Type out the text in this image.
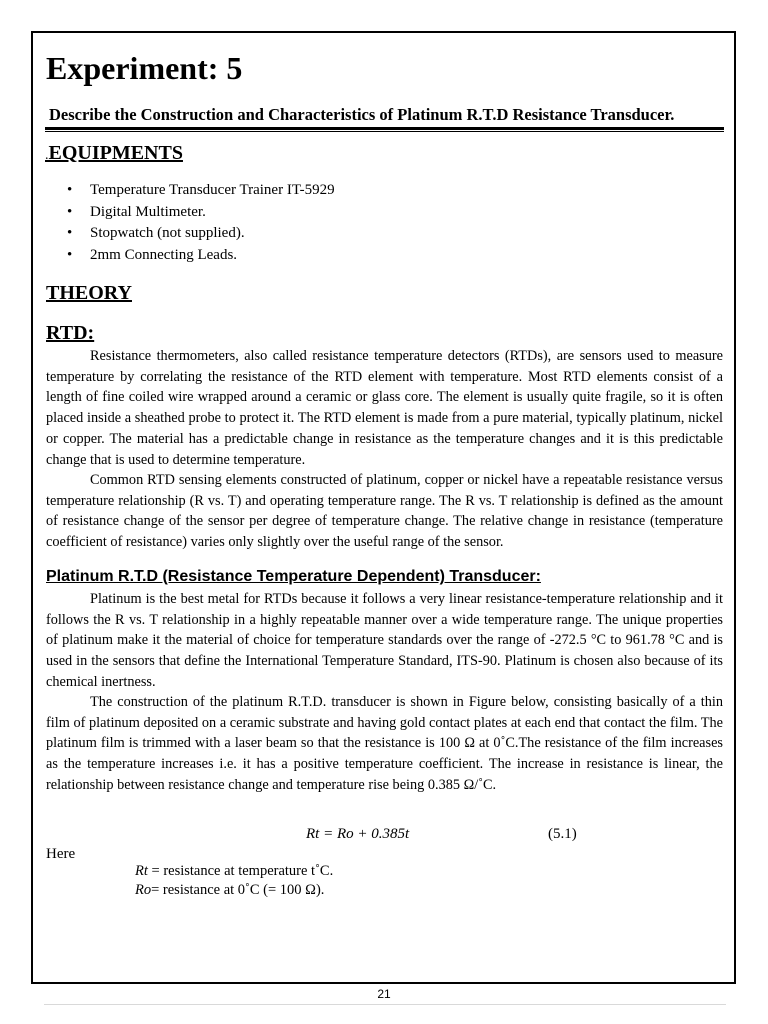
Experiment: 5
Describe the Construction and Characteristics of Platinum R.T.D Resistance Transducer.
.EQUIPMENTS
• Temperature Transducer Trainer IT-5929
• Digital Multimeter.
• Stopwatch (not supplied).
• 2mm Connecting Leads.
THEORY
RTD:

Resistance thermometers, also called resistance temperature detectors (RTDs), are sensors used to measure temperature by correlating the resistance of the RTD element with temperature. Most RTD elements consist of a length of fine coiled wire wrapped around a ceramic or glass core. The element is usually quite fragile, so it is often placed inside a sheathed probe to protect it. The RTD element is made from a pure material, typically platinum, nickel or copper. The material has a predictable change in resistance as the temperature changes and it is this predictable change that is used to determine temperature.

Common RTD sensing elements constructed of platinum, copper or nickel have a repeatable resistance versus temperature relationship (R vs. T) and operating temperature range. The R vs. T relationship is defined as the amount of resistance change of the sensor per degree of temperature change. The relative change in resistance (temperature coefficient of resistance) varies only slightly over the useful range of the sensor.

Platinum R.T.D (Resistance Temperature Dependent) Transducer:

Platinum is the best metal for RTDs because it follows a very linear resistance-temperature relationship and it follows the R vs. T relationship in a highly repeatable manner over a wide temperature range. The unique properties of platinum make it the material of choice for temperature standards over the range of -272.5 °C to 961.78 °C and is used in the sensors that define the International Temperature Standard, ITS-90. Platinum is chosen also because of its chemical inertness.

The construction of the platinum R.T.D. transducer is shown in Figure below, consisting basically of a thin film of platinum deposited on a ceramic substrate and having gold contact plates at each end that contact the film. The platinum film is trimmed with a laser beam so that the resistance is 100 Ω at 0˚C.The resistance of the film increases as the temperature increases i.e. it has a positive temperature coefficient. The increase in resistance is linear, the relationship between resistance change and temperature rise being 0.385 Ω/˚C.

Rt = Ro + 0.385t	(5.1)
Here
Rt = resistance at temperature t˚C.
Ro= resistance at 0˚C (= 100 Ω).
21
